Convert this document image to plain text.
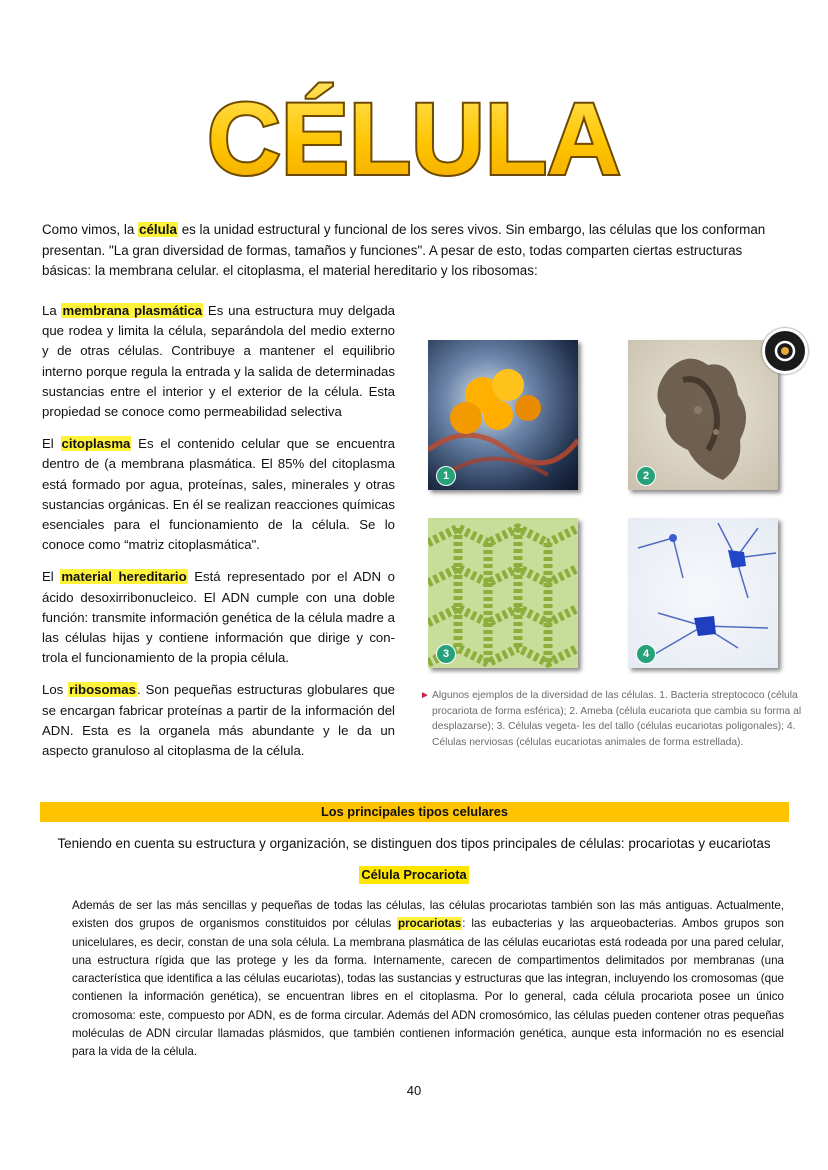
CÉLULA

Como vimos, la célula es la unidad estructural y funcional de los seres vivos. Sin embargo, las células que los conforman presentan. "La gran diversidad de formas, tamaños y funciones". A pesar de esto, todas comparten ciertas estructuras básicas: la membrana celular. el citoplasma, el material hereditario y los ribosomas:

La membrana plasmática Es una estructura muy delgada que rodea y limita la célula, separándola del medio externo y de otras células. Contribuye a mantener el equilibrio interno porque regula la entrada y la salida de determinadas sustancias entre el interior y el exterior de la célula. Esta propiedad se conoce como permeabilidad selectiva

El citoplasma Es el contenido celular que se encuentra dentro de (a membrana plasmática. El 85% del citoplasma está formado por agua, proteínas, sales, minerales y otras sustancias orgánicas. En él se realizan reacciones químicas esenciales para el funcionamiento de la célula. Se lo conoce como “matriz citoplasmática".

El material hereditario Está representado por el ADN o ácido desoxirribonucleico. El ADN cumple con una doble función: transmite información genética de la célula madre a las células hijas y contiene información que dirige y con- trola el funcionamiento de la propia célula.

Los ribosomas. Son pequeñas estructuras globulares que se encargan fabricar proteínas a partir de la información del ADN. Esta es la organela más abundante y le da un aspecto granuloso al citoplasma de la célula.

1	2
3	4

► Algunos ejemplos de la diversidad de las células. 1. Bacteria streptococo (célula procariota de forma esférica); 2. Ameba (célula eucariota que cambia su forma al desplazarse); 3. Células vegeta- les del tallo (células eucariotas poligonales); 4. Células nerviosas (células eucariotas animales de forma estrellada).

Los principales tipos celulares

Teniendo en cuenta su estructura y organización, se distinguen dos tipos principales de células: procariotas y eucariotas

Célula Procariota

Además de ser las más sencillas y pequeñas de todas las células, las células procariotas también son las más antiguas. Actualmente, existen dos grupos de organismos constituidos por células procariotas: las eubacterias y las arqueobacterias. Ambos grupos son unicelulares, es decir, constan de una sola célula. La membrana plasmática de las células eucariotas está rodeada por una pared celular, una estructura rígida que las protege y les da forma. Internamente, carecen de compartimentos delimitados por membranas (una característica que identifica a las células eucariotas), todas las sustancias y estructuras que las integran, incluyendo los cromosomas (que contienen la información genética), se encuentran libres en el citoplasma. Por lo general, cada célula procariota posee un único cromosoma: este, compuesto por ADN, es de forma circular. Además del ADN cromosómico, las células pueden contener otras pequeñas moléculas de ADN circular llamadas plásmidos, que también contienen información genética, aunque esta información no es esencial para la vida de la célula.

40
